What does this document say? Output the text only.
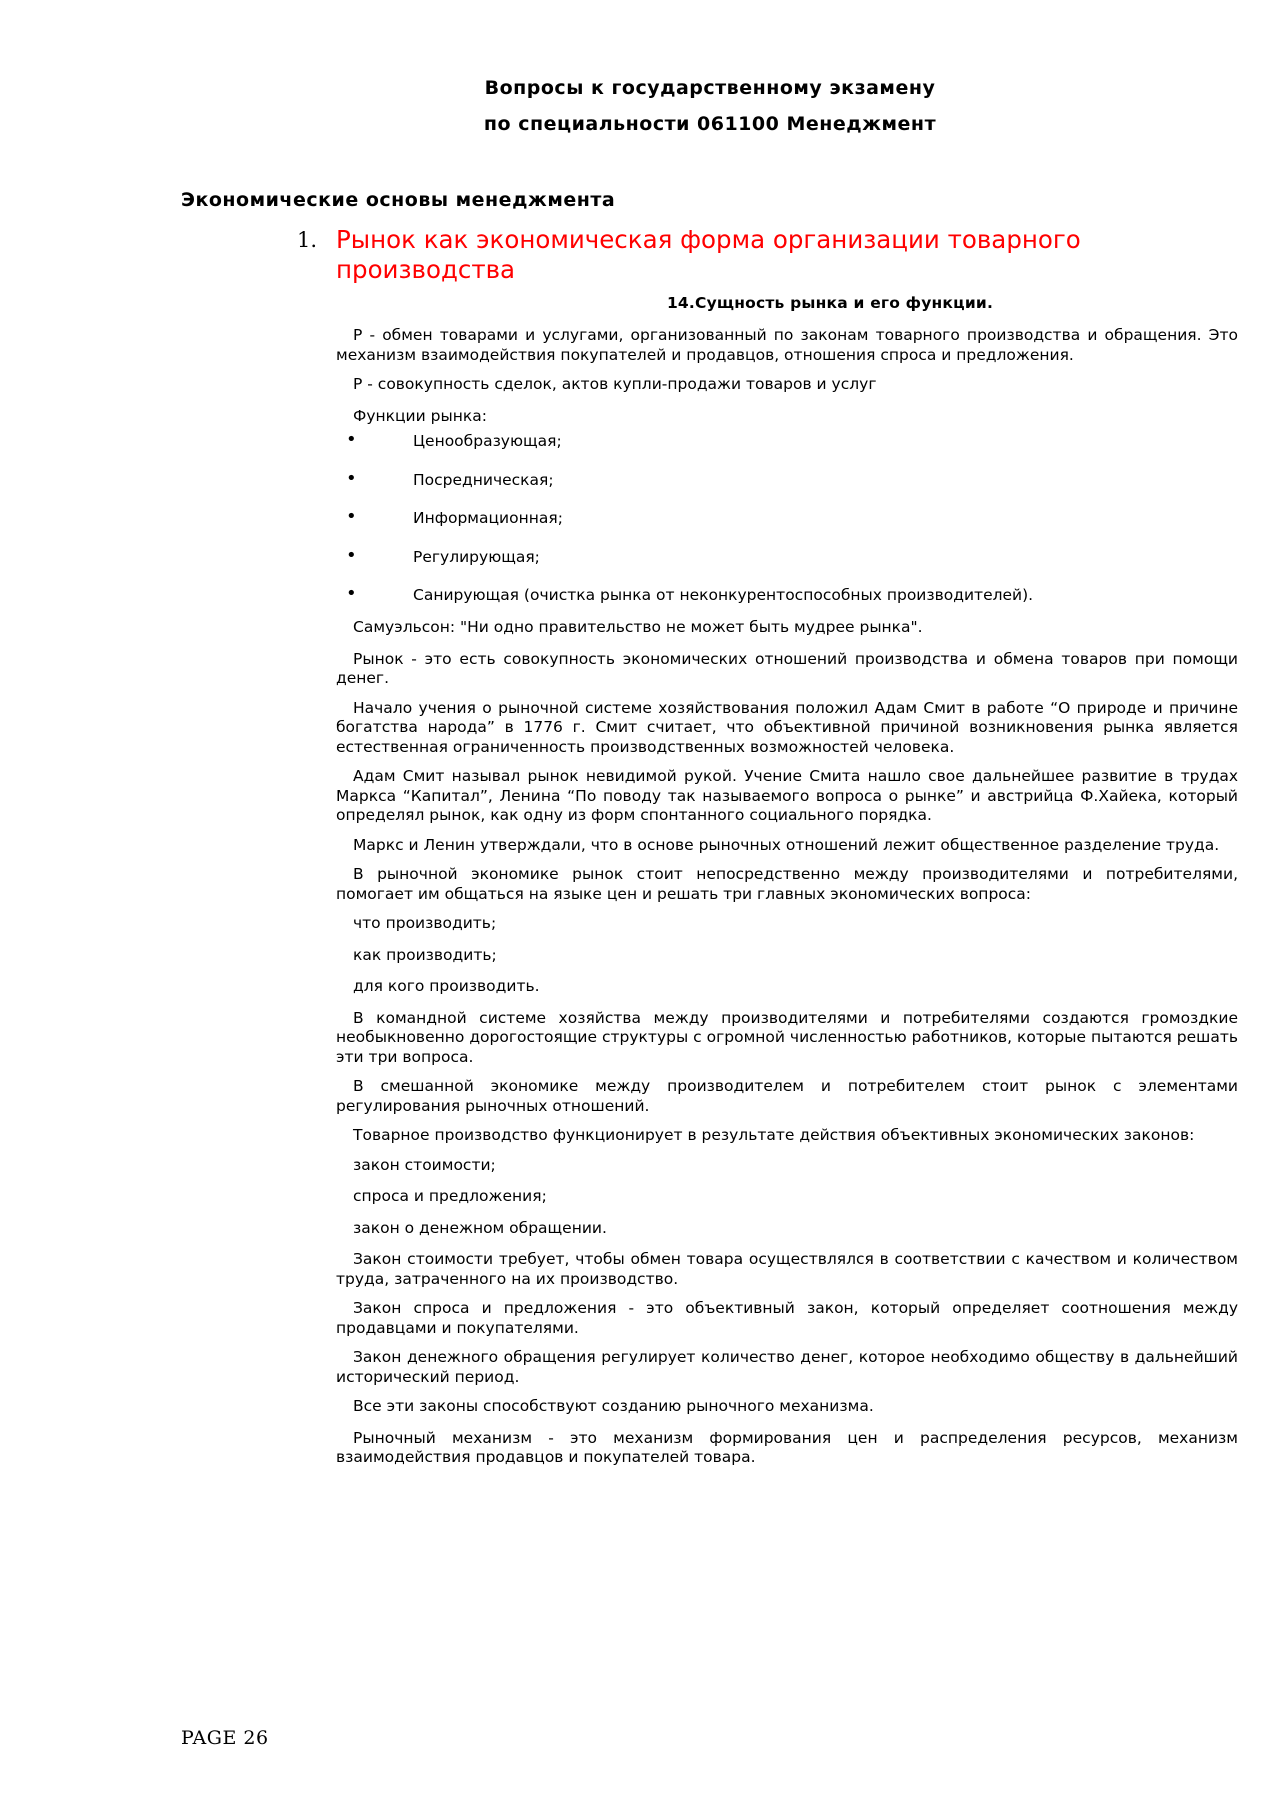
Вопросы к государственному экзамену
по специальности 061100 Менеджмент
Экономические основы менеджмента
1. Рынок как экономическая форма организации товарного производства
14.Сущность рынка и его функции.

Р - обмен товарами и услугами, организованный по законам товарного производства и обращения. Это механизм взаимодействия покупателей и продавцов, отношения спроса и предложения.

Р - совокупность сделок, актов купли-продажи товаров и услуг

Функции рынка:

•	Ценообразующая;
•	Посредническая;
•	Информационная;
•	Регулирующая;
•	Санирующая (очистка рынка от неконкурентоспособных производителей).

Самуэльсон: "Ни одно правительство не может быть мудрее рынка".

Рынок - это есть совокупность экономических отношений производства и обмена товаров при помощи денег.

Начало учения о рыночной системе хозяйствования положил Адам Смит в работе “О природе и причине богатства народа” в 1776 г. Смит считает, что объективной причиной возникновения рынка является естественная ограниченность производственных возможностей человека.

Адам Смит называл рынок невидимой рукой. Учение Смита нашло свое дальнейшее развитие в трудах Маркса “Капитал”, Ленина “По поводу так называемого вопроса о рынке” и австрийца Ф.Хайека, который определял рынок, как одну из форм спонтанного социального порядка.

Маркс и Ленин утверждали, что в основе рыночных отношений лежит общественное разделение труда.

В рыночной экономике рынок стоит непосредственно между производителями и потребителями, помогает им общаться на языке цен и решать три главных экономических вопроса:

что производить;

как производить;

для кого производить.

В командной системе хозяйства между производителями и потребителями создаются громоздкие необыкновенно дорогостоящие структуры с огромной численностью работников, которые пытаются решать эти три вопроса.

В смешанной экономике между производителем и потребителем стоит рынок с элементами регулирования рыночных отношений.

Товарное производство функционирует в результате действия объективных экономических законов:

закон стоимости;

спроса и предложения;

закон о денежном обращении.

Закон стоимости требует, чтобы обмен товара осуществлялся в соответствии с качеством и количеством труда, затраченного на их производство.

Закон спроса и предложения - это объективный закон, который определяет соотношения между продавцами и покупателями.

Закон денежного обращения регулирует количество денег, которое необходимо обществу в дальнейший исторический период.

Все эти законы способствуют созданию рыночного механизма.

Рыночный механизм - это механизм формирования цен и распределения ресурсов, механизм взаимодействия продавцов и покупателей товара.

PAGE 26
